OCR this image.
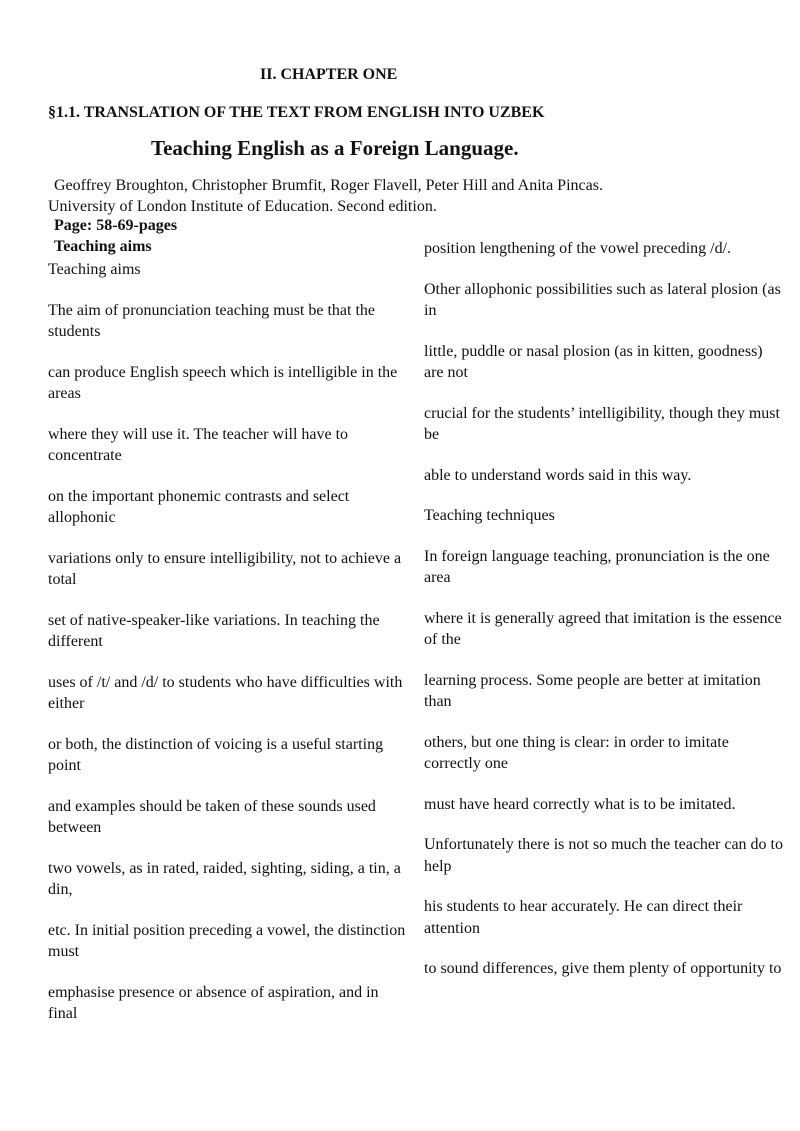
II. CHAPTER ONE
§1.1. TRANSLATION OF THE TEXT FROM ENGLISH INTO UZBEK
Teaching English as a Foreign Language.
Geoffrey Broughton, Christopher Brumfit, Roger Flavell, Peter Hill and Anita Pincas.
University of London Institute of Education. Second edition.
Page: 58-69-pages
Teaching aims

Teaching aims

The aim of pronunciation teaching must be that the students

can produce English speech which is intelligible in the areas

where they will use it. The teacher will have to concentrate

on the important phonemic contrasts and select allophonic

variations only to ensure intelligibility, not to achieve a total

set of native-speaker-like variations. In teaching the different

uses of /t/ and /d/ to students who have difficulties with either

or both, the distinction of voicing is a useful starting point

and examples should be taken of these sounds used between

two vowels, as in rated, raided, sighting, siding, a tin, a din,

etc. In initial position preceding a vowel, the distinction must

emphasise presence or absence of aspiration, and in final

position lengthening of the vowel preceding /d/.

Other allophonic possibilities such as lateral plosion (as in

little, puddle or nasal plosion (as in kitten, goodness) are not

crucial for the students’ intelligibility, though they must be

able to understand words said in this way.

Teaching techniques

In foreign language teaching, pronunciation is the one area

where it is generally agreed that imitation is the essence of the

learning process. Some people are better at imitation than

others, but one thing is clear: in order to imitate correctly one

must have heard correctly what is to be imitated.

Unfortunately there is not so much the teacher can do to help

his students to hear accurately. He can direct their attention

to sound differences, give them plenty of opportunity to
